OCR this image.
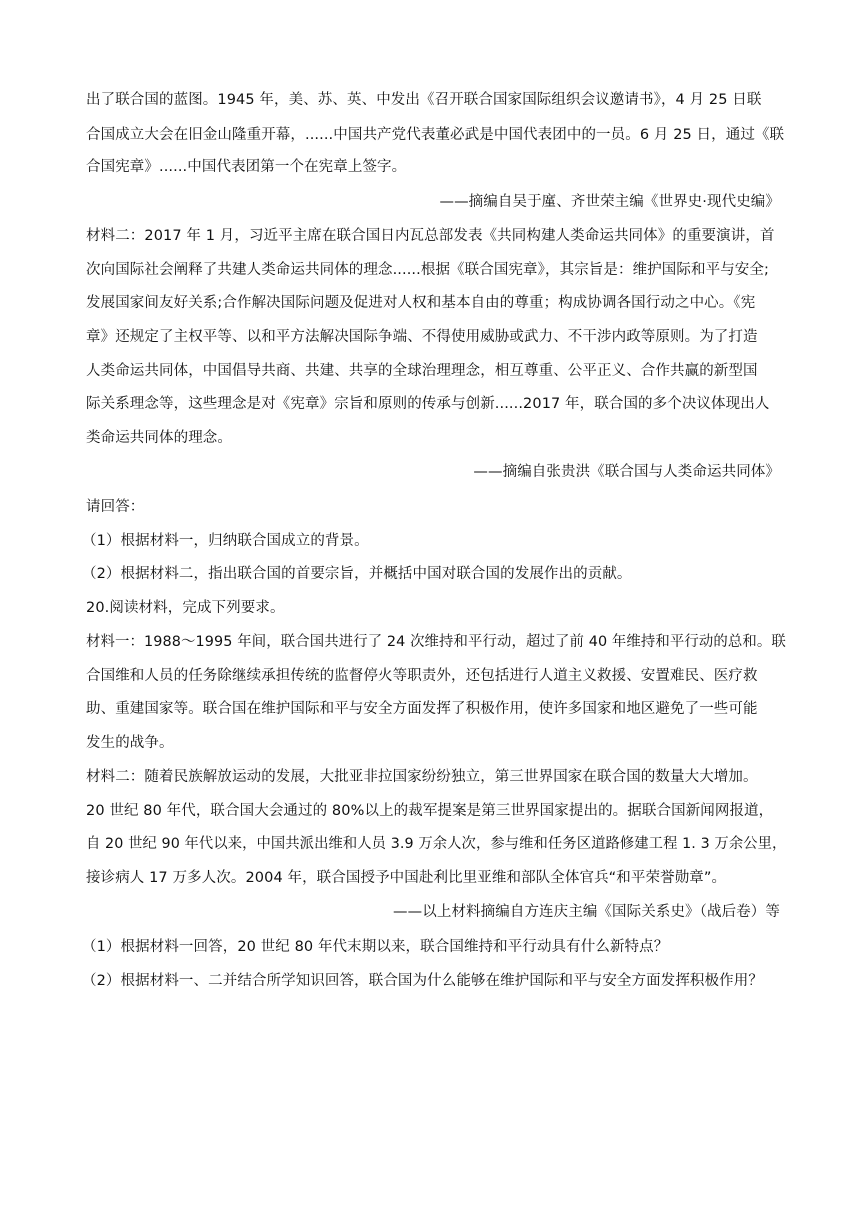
出了联合国的蓝图。1945 年，美、苏、英、中发出《召开联合国家国际组织会议邀请书》，4 月 25 日联
合国成立大会在旧金山隆重开幕，......中国共产党代表董必武是中国代表团中的一员。6 月 25 日，通过《联
合国宪章》......中国代表团第一个在宪章上签字。
——摘编自吴于廑、齐世荣主编《世界史·现代史编》
材料二：2017 年 1 月，习近平主席在联合国日内瓦总部发表《共同构建人类命运共同体》的重要演讲，首
次向国际社会阐释了共建人类命运共同体的理念......根据《联合国宪章》，其宗旨是：维护国际和平与安全;
发展国家间友好关系;合作解决国际问题及促进对人权和基本自由的尊重；构成协调各国行动之中心。《宪
章》还规定了主权平等、以和平方法解决国际争端、不得使用威胁或武力、不干涉内政等原则。为了打造
人类命运共同体，中国倡导共商、共建、共享的全球治理理念，相互尊重、公平正义、合作共赢的新型国
际关系理念等，这些理念是对《宪章》宗旨和原则的传承与创新......2017 年，联合国的多个决议体现出人
类命运共同体的理念。
——摘编自张贵洪《联合国与人类命运共同体》
请回答：
（1）根据材料一，归纳联合国成立的背景。
（2）根据材料二，指出联合国的首要宗旨，并概括中国对联合国的发展作出的贡献。
20.阅读材料，完成下列要求。
材料一：1988～1995 年间，联合国共进行了 24 次维持和平行动，超过了前 40 年维持和平行动的总和。联
合国维和人员的任务除继续承担传统的监督停火等职责外，还包括进行人道主义救援、安置难民、医疗救
助、重建国家等。联合国在维护国际和平与安全方面发挥了积极作用，使许多国家和地区避免了一些可能
发生的战争。
材料二：随着民族解放运动的发展，大批亚非拉国家纷纷独立，第三世界国家在联合国的数量大大增加。
20 世纪 80 年代，联合国大会通过的 80%以上的裁军提案是第三世界国家提出的。据联合国新闻网报道，
自 20 世纪 90 年代以来，中国共派出维和人员 3.9 万余人次，参与维和任务区道路修建工程 1. 3 万余公里，
接诊病人 17 万多人次。2004 年，联合国授予中国赴利比里亚维和部队全体官兵“和平荣誉勋章”。
——以上材料摘编自方连庆主编《国际关系史》（战后卷）等
（1）根据材料一回答，20 世纪 80 年代末期以来，联合国维持和平行动具有什么新特点？
（2）根据材料一、二并结合所学知识回答，联合国为什么能够在维护国际和平与安全方面发挥积极作用？
